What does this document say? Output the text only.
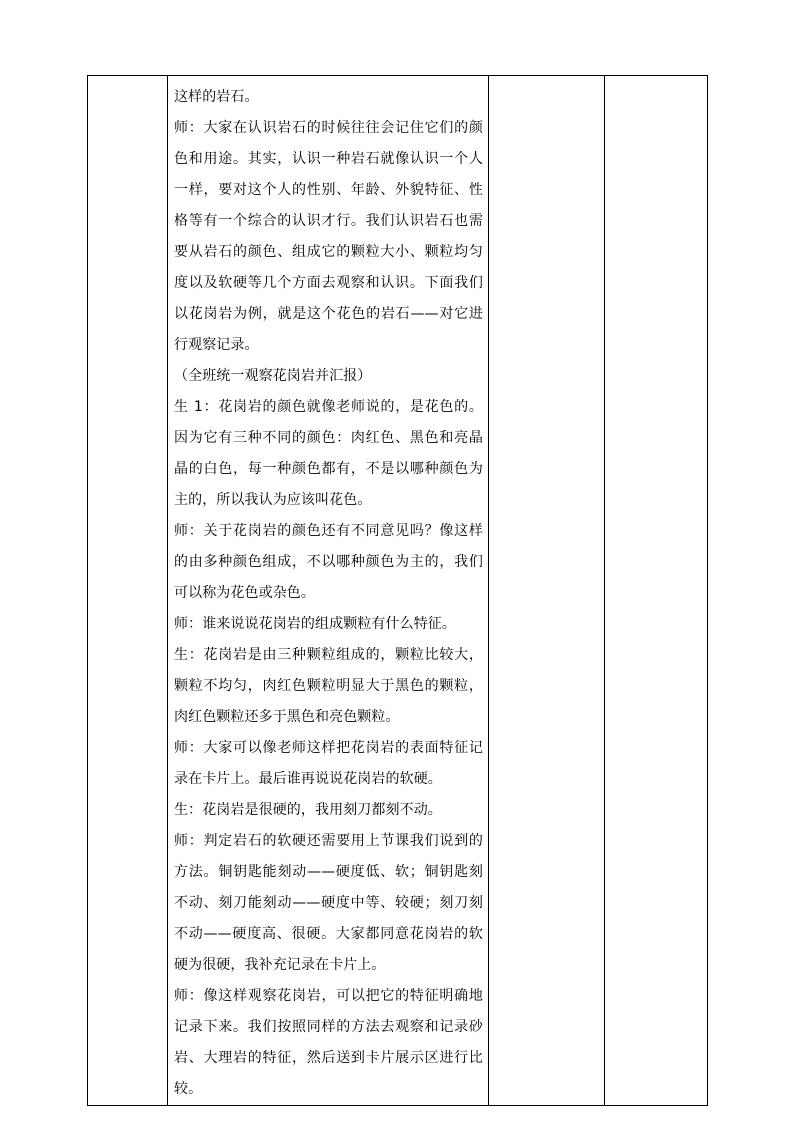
这样的岩石。

师：大家在认识岩石的时候往往会记住它们的颜色和用途。其实，认识一种岩石就像认识一个人一样，要对这个人的性别、年龄、外貌特征、性格等有一个综合的认识才行。我们认识岩石也需要从岩石的颜色、组成它的颗粒大小、颗粒均匀度以及软硬等几个方面去观察和认识。下面我们以花岗岩为例，就是这个花色的岩石——对它进行观察记录。

（全班统一观察花岗岩并汇报）

生 1：花岗岩的颜色就像老师说的，是花色的。因为它有三种不同的颜色：肉红色、黑色和亮晶晶的白色，每一种颜色都有，不是以哪种颜色为主的，所以我认为应该叫花色。

师：关于花岗岩的颜色还有不同意见吗？像这样的由多种颜色组成，不以哪种颜色为主的，我们可以称为花色或杂色。

师：谁来说说花岗岩的组成颗粒有什么特征。

生：花岗岩是由三种颗粒组成的，颗粒比较大，颗粒不均匀，肉红色颗粒明显大于黑色的颗粒，肉红色颗粒还多于黑色和亮色颗粒。

师：大家可以像老师这样把花岗岩的表面特征记录在卡片上。最后谁再说说花岗岩的软硬。

生：花岗岩是很硬的，我用刻刀都刻不动。

师：判定岩石的软硬还需要用上节课我们说到的方法。铜钥匙能刻动——硬度低、软；铜钥匙刻不动、刻刀能刻动——硬度中等、较硬；刻刀刻不动——硬度高、很硬。大家都同意花岗岩的软硬为很硬，我补充记录在卡片上。

师：像这样观察花岗岩，可以把它的特征明确地记录下来。我们按照同样的方法去观察和记录砂岩、大理岩的特征，然后送到卡片展示区进行比较。
